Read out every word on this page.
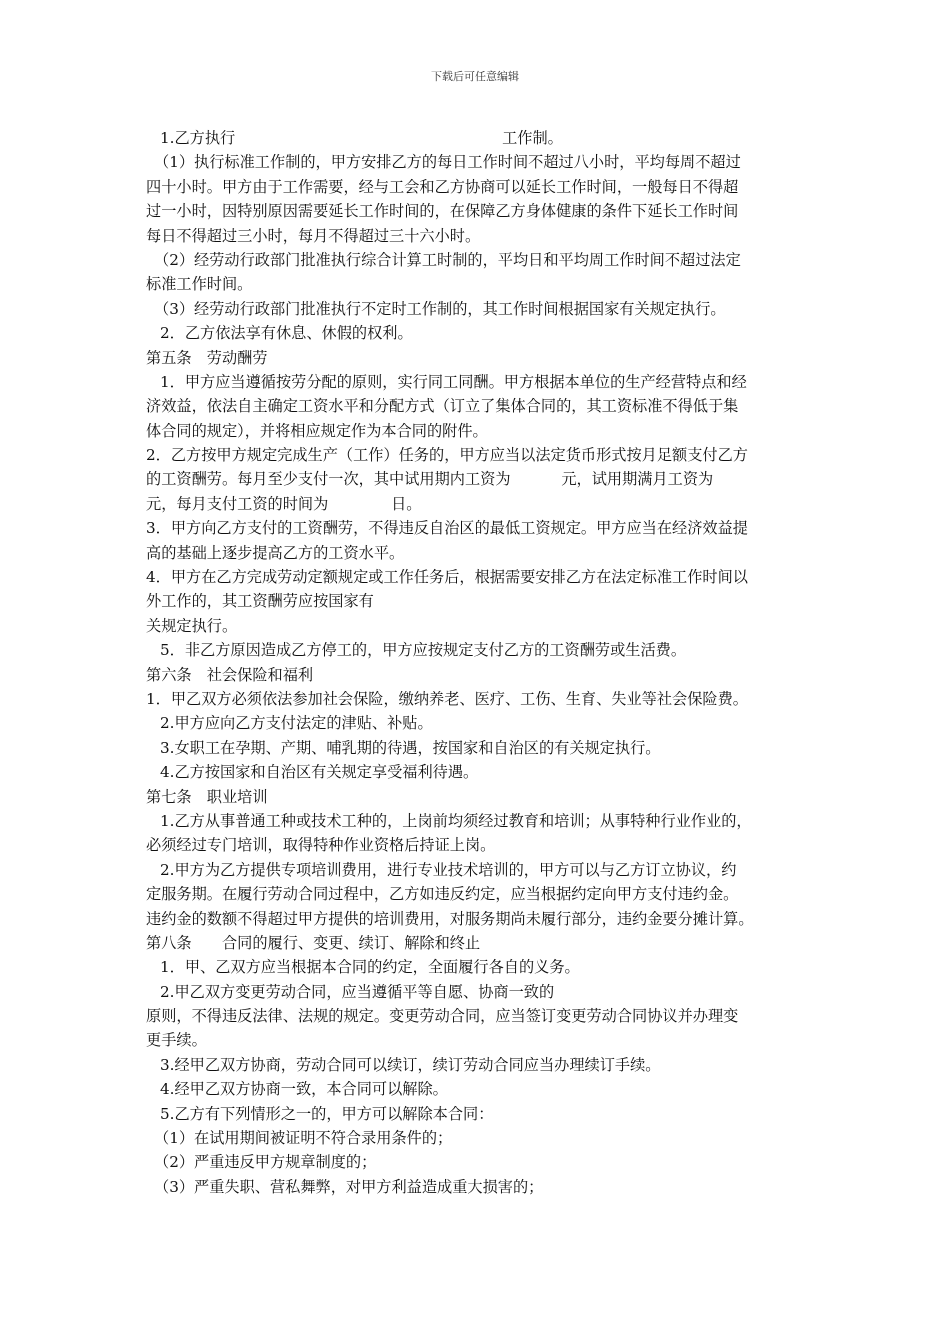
下载后可任意编辑
1.乙方执行	工作制。
（1）执行标准工作制的，甲方安排乙方的每日工作时间不超过八小时，平均每周不超过
四十小时。甲方由于工作需要，经与工会和乙方协商可以延长工作时间，一般每日不得超
过一小时，因特别原因需要延长工作时间的，在保障乙方身体健康的条件下延长工作时间
每日不得超过三小时，每月不得超过三十六小时。
（2）经劳动行政部门批准执行综合计算工时制的，平均日和平均周工作时间不超过法定
标准工作时间。
（3）经劳动行政部门批准执行不定时工作制的，其工作时间根据国家有关规定执行。
2．乙方依法享有休息、休假的权利。
第五条　劳动酬劳
1．甲方应当遵循按劳分配的原则，实行同工同酬。甲方根据本单位的生产经营特点和经
济效益，依法自主确定工资水平和分配方式（订立了集体合同的，其工资标准不得低于集
体合同的规定），并将相应规定作为本合同的附件。
2．乙方按甲方规定完成生产（工作）任务的，甲方应当以法定货币形式按月足额支付乙方
的工资酬劳。每月至少支付一次，其中试用期内工资为	元，试用期满月工资为
元，每月支付工资的时间为	日。
3．甲方向乙方支付的工资酬劳，不得违反自治区的最低工资规定。甲方应当在经济效益提
高的基础上逐步提高乙方的工资水平。
4．甲方在乙方完成劳动定额规定或工作任务后，根据需要安排乙方在法定标准工作时间以
外工作的，其工资酬劳应按国家有
关规定执行。
5．非乙方原因造成乙方停工的，甲方应按规定支付乙方的工资酬劳或生活费。
第六条　社会保险和福利
1．甲乙双方必须依法参加社会保险，缴纳养老、医疗、工伤、生育、失业等社会保险费。
2.甲方应向乙方支付法定的津贴、补贴。
3.女职工在孕期、产期、哺乳期的待遇，按国家和自治区的有关规定执行。
4.乙方按国家和自治区有关规定享受福利待遇。
第七条　职业培训
1.乙方从事普通工种或技术工种的，上岗前均须经过教育和培训；从事特种行业作业的，
必须经过专门培训，取得特种作业资格后持证上岗。
2.甲方为乙方提供专项培训费用，进行专业技术培训的，甲方可以与乙方订立协议，约
定服务期。在履行劳动合同过程中，乙方如违反约定，应当根据约定向甲方支付违约金。
违约金的数额不得超过甲方提供的培训费用，对服务期尚未履行部分，违约金要分摊计算。
第八条　　合同的履行、变更、续订、解除和终止
1．甲、乙双方应当根据本合同的约定，全面履行各自的义务。
2.甲乙双方变更劳动合同，应当遵循平等自愿、协商一致的
原则，不得违反法律、法规的规定。变更劳动合同，应当签订变更劳动合同协议并办理变
更手续。
3.经甲乙双方协商，劳动合同可以续订，续订劳动合同应当办理续订手续。
4.经甲乙双方协商一致，本合同可以解除。
5.乙方有下列情形之一的，甲方可以解除本合同：
（1）在试用期间被证明不符合录用条件的；
（2）严重违反甲方规章制度的；
（3）严重失职、营私舞弊，对甲方利益造成重大损害的；
